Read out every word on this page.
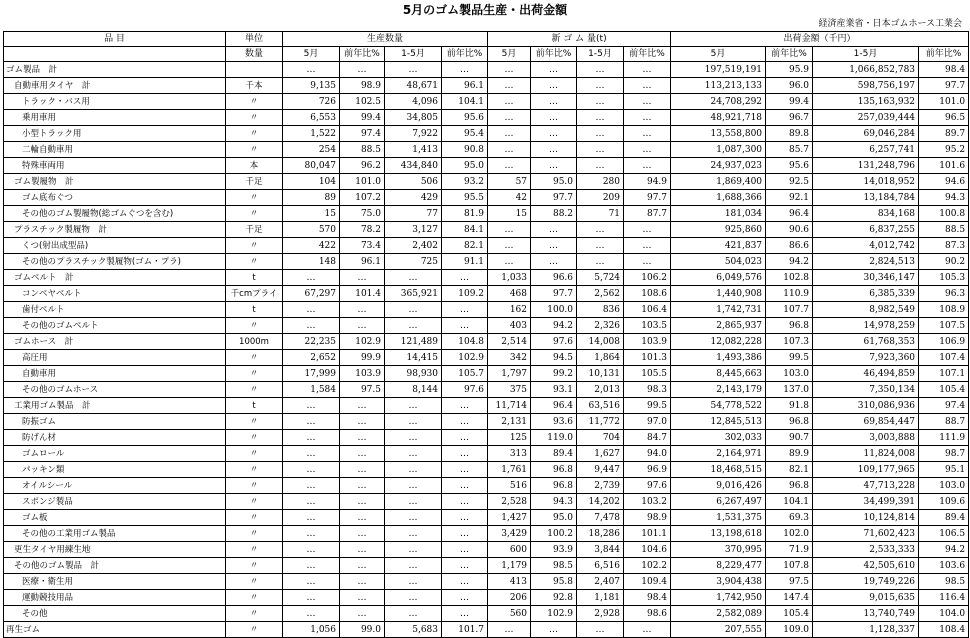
5月のゴム製品生産・出荷金額
経済産業省・日本ゴムホース工業会
品 目	単位	生産数量				新 ゴ ム 量(t)				出荷金額（千円）			
	数量	5月	前年比%	1-5月	前年比%	5月	前年比%	1-5月	前年比%	5月	前年比%	1-5月	前年比%
ゴム製品　計		…	…	…	…	…	…	…	…	197,519,191	95.9	1,066,852,783	98.4
自動車用タイヤ　計	千本	9,135	98.9	48,671	96.1	…	…	…	…	113,213,133	96.0	598,756,197	97.7
トラック・バス用	〃	726	102.5	4,096	104.1	…	…	…	…	24,708,292	99.4	135,163,932	101.0
乗用車用	〃	6,553	99.4	34,805	95.6	…	…	…	…	48,921,718	96.7	257,039,444	96.5
小型トラック用	〃	1,522	97.4	7,922	95.4	…	…	…	…	13,558,800	89.8	69,046,284	89.7
二輪自動車用	〃	254	88.5	1,413	90.8	…	…	…	…	1,087,300	85.7	6,257,741	95.2
特殊車両用	本	80,047	96.2	434,840	95.0	…	…	…	…	24,937,023	95.6	131,248,796	101.6
ゴム製履物　計	千足	104	101.0	506	93.2	57	95.0	280	94.9	1,869,400	92.5	14,018,952	94.6
ゴム底布ぐつ	〃	89	107.2	429	95.5	42	97.7	209	97.7	1,688,366	92.1	13,184,784	94.3
その他のゴム製履物(総ゴムぐつを含む)	〃	15	75.0	77	81.9	15	88.2	71	87.7	181,034	96.4	834,168	100.8
プラスチック製履物　計	千足	570	78.2	3,127	84.1	…	…	…	…	925,860	90.6	6,837,255	88.5
くつ(射出成型品)	〃	422	73.4	2,402	82.1	…	…	…	…	421,837	86.6	4,012,742	87.3
その他のプラスチック製履物(ゴム・プラ)	〃	148	96.1	725	91.1	…	…	…	…	504,023	94.2	2,824,513	90.2
ゴムベルト　計	t	…	…	…	…	1,033	96.6	5,724	106.2	6,049,576	102.8	30,346,147	105.3
コンベヤベルト	千cmプライ	67,297	101.4	365,921	109.2	468	97.7	2,562	108.6	1,440,908	110.9	6,385,339	96.3
歯付ベルト	t	…	…	…	…	162	100.0	836	106.4	1,742,731	107.7	8,982,549	108.9
その他のゴムベルト	〃	…	…	…	…	403	94.2	2,326	103.5	2,865,937	96.8	14,978,259	107.5
ゴムホース　計	1000m	22,235	102.9	121,489	104.8	2,514	97.6	14,008	103.9	12,082,228	107.3	61,768,353	106.9
高圧用	〃	2,652	99.9	14,415	102.9	342	94.5	1,864	101.3	1,493,386	99.5	7,923,360	107.4
自動車用	〃	17,999	103.9	98,930	105.7	1,797	99.2	10,131	105.5	8,445,663	103.0	46,494,859	107.1
その他のゴムホース	〃	1,584	97.5	8,144	97.6	375	93.1	2,013	98.3	2,143,179	137.0	7,350,134	105.4
工業用ゴム製品　計	t	…	…	…	…	11,714	96.4	63,516	99.5	54,778,522	91.8	310,086,936	97.4
防振ゴム	〃	…	…	…	…	2,131	93.6	11,772	97.0	12,845,513	96.8	69,854,447	88.7
防げん材	〃	…	…	…	…	125	119.0	704	84.7	302,033	90.7	3,003,888	111.9
ゴムロール	〃	…	…	…	…	313	89.4	1,627	94.0	2,164,971	89.9	11,824,008	98.7
パッキン類	〃	…	…	…	…	1,761	96.8	9,447	96.9	18,468,515	82.1	109,177,965	95.1
オイルシール	〃	…	…	…	…	516	96.8	2,739	97.6	9,016,426	96.8	47,713,228	103.0
スポンジ製品	〃	…	…	…	…	2,528	94.3	14,202	103.2	6,267,497	104.1	34,499,391	109.6
ゴム板	〃	…	…	…	…	1,427	95.0	7,478	98.9	1,531,375	69.3	10,124,814	89.4
その他の工業用ゴム製品	〃	…	…	…	…	3,429	100.2	18,286	101.1	13,198,618	102.0	71,602,423	106.5
更生タイヤ用練生地	〃	…	…	…	…	600	93.9	3,844	104.6	370,995	71.9	2,533,333	94.2
その他のゴム製品　計	〃	…	…	…	…	1,179	98.5	6,516	102.2	8,229,477	107.8	42,505,610	103.6
医療・衛生用	〃	…	…	…	…	413	95.8	2,407	109.4	3,904,438	97.5	19,749,226	98.5
運動競技用品	〃	…	…	…	…	206	92.8	1,181	98.4	1,742,950	147.4	9,015,635	116.4
その他	〃	…	…	…	…	560	102.9	2,928	98.6	2,582,089	105.4	13,740,749	104.0
再生ゴム	〃	1,056	99.0	5,683	101.7	…	…	…	…	207,555	109.0	1,128,337	108.4
